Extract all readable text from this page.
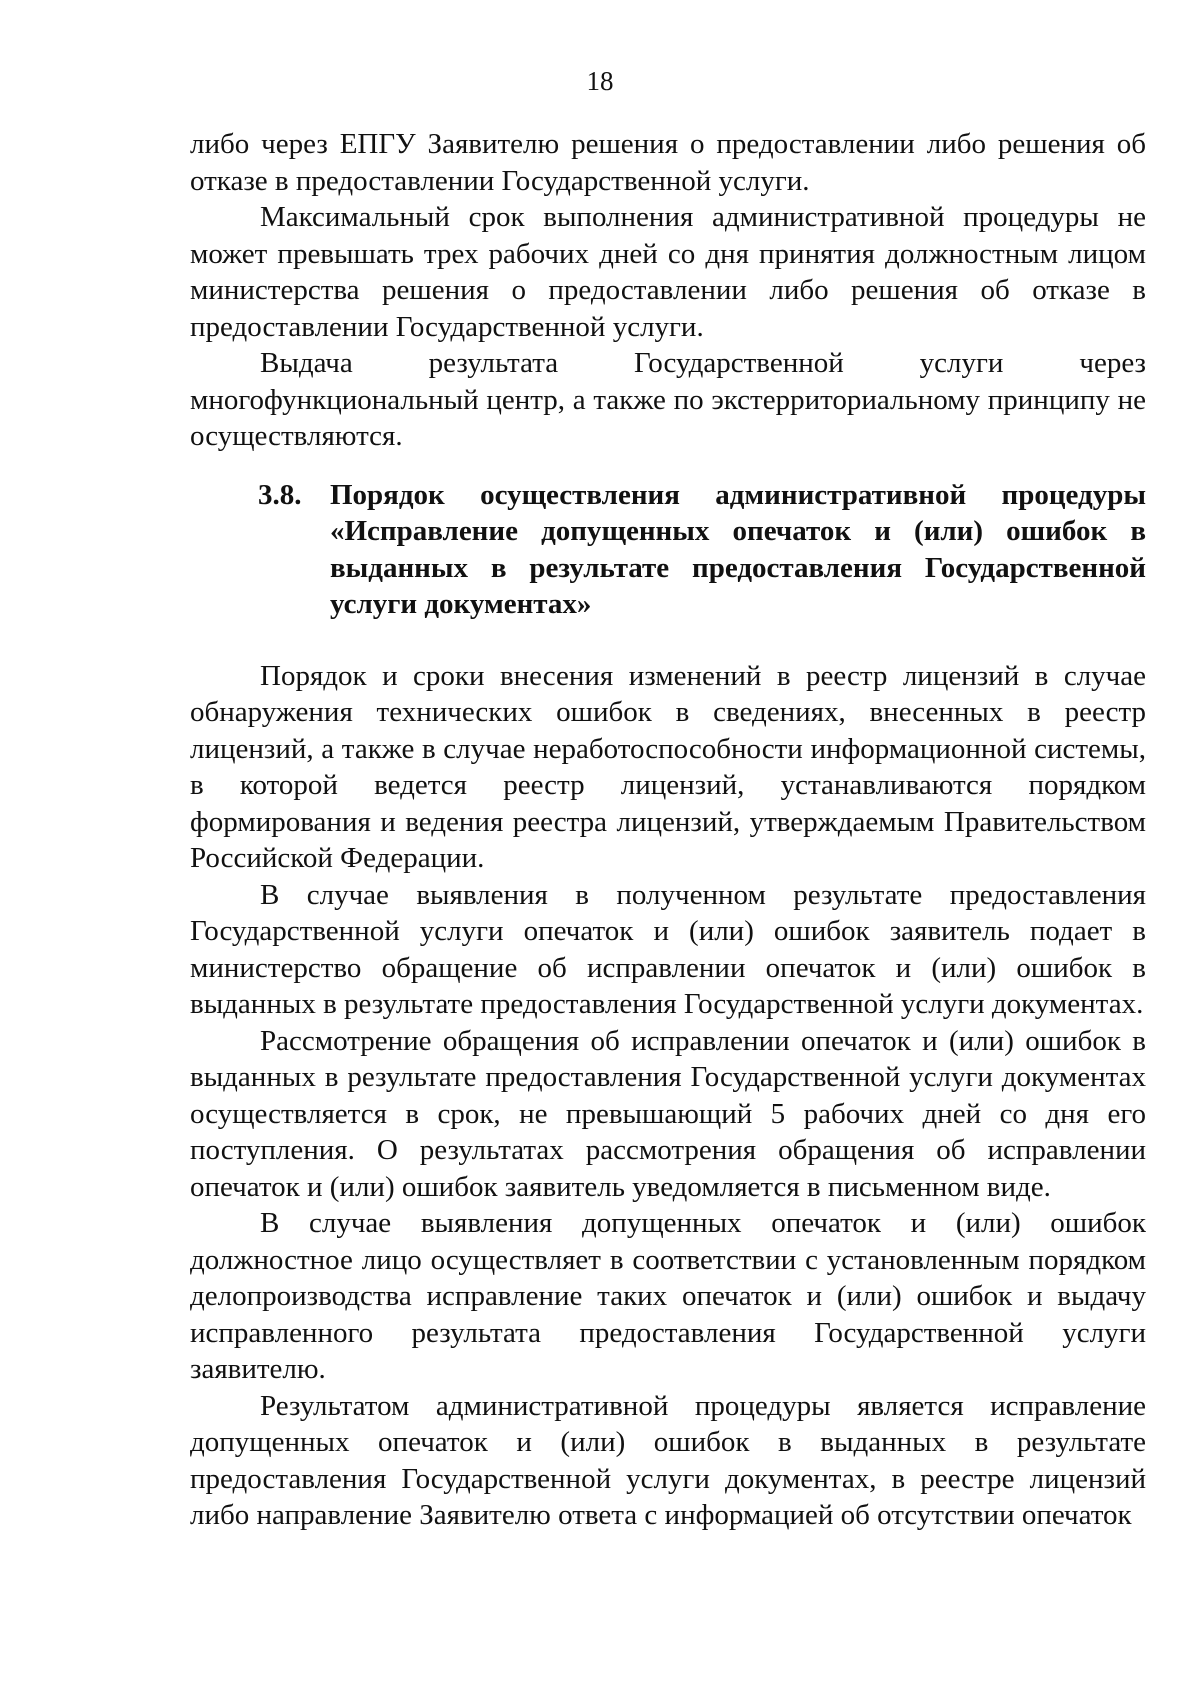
18

либо через ЕПГУ Заявителю решения о предоставлении либо решения об отказе в предоставлении Государственной услуги.

Максимальный срок выполнения административной процедуры не может превышать трех рабочих дней со дня принятия должностным лицом министерства решения о предоставлении либо решения об отказе в предоставлении Государственной услуги.

Выдача результата Государственной услуги через многофункциональный центр, а также по экстерриториальному принципу не осуществляются.

3.8. Порядок осуществления административной процедуры «Исправление допущенных опечаток и (или) ошибок в выданных в результате предоставления Государственной услуги документах»

Порядок и сроки внесения изменений в реестр лицензий в случае обнаружения технических ошибок в сведениях, внесенных в реестр лицензий, а также в случае неработоспособности информационной системы, в которой ведется реестр лицензий, устанавливаются порядком формирования и ведения реестра лицензий, утверждаемым Правительством Российской Федерации.

В случае выявления в полученном результате предоставления Государственной услуги опечаток и (или) ошибок заявитель подает в министерство обращение об исправлении опечаток и (или) ошибок в выданных в результате предоставления Государственной услуги документах.

Рассмотрение обращения об исправлении опечаток и (или) ошибок в выданных в результате предоставления Государственной услуги документах осуществляется в срок, не превышающий 5 рабочих дней со дня его поступления. О результатах рассмотрения обращения об исправлении опечаток и (или) ошибок заявитель уведомляется в письменном виде.

В случае выявления допущенных опечаток и (или) ошибок должностное лицо осуществляет в соответствии с установленным порядком делопроизводства исправление таких опечаток и (или) ошибок и выдачу исправленного результата предоставления Государственной услуги заявителю.

Результатом административной процедуры является исправление допущенных опечаток и (или) ошибок в выданных в результате предоставления Государственной услуги документах, в реестре лицензий либо направление Заявителю ответа с информацией об отсутствии опечаток
